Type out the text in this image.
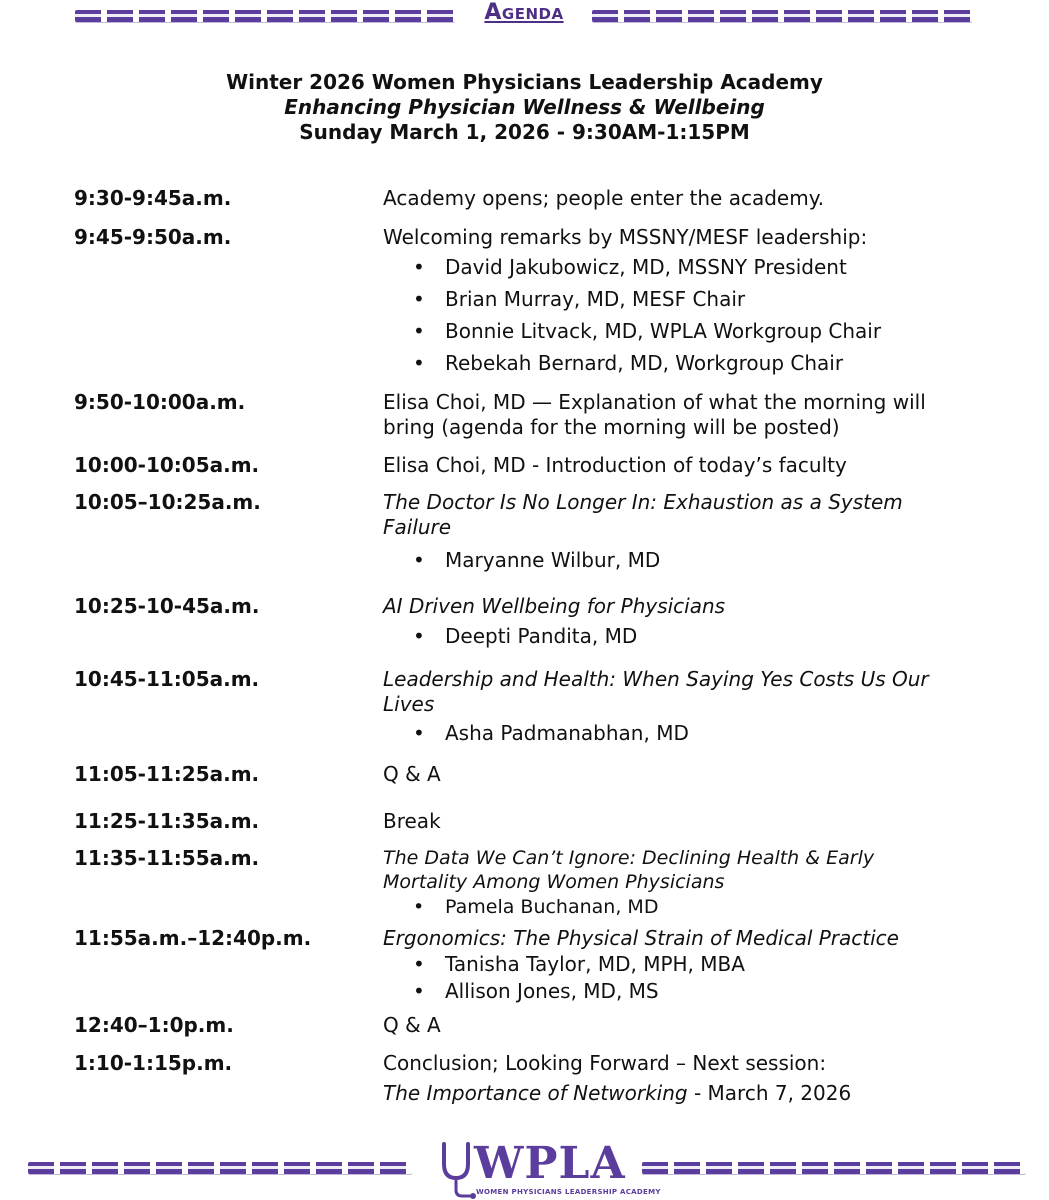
Agenda
Winter 2026 Women Physicians Leadership Academy
Enhancing Physician Wellness & Wellbeing
Sunday March 1, 2026 - 9:30AM-1:15PM
9:30-9:45a.m.	Academy opens; people enter the academy.
9:45-9:50a.m.	Welcoming remarks by MSSNY/MESF leadership:
• David Jakubowicz, MD, MSSNY President
• Brian Murray, MD, MESF Chair
• Bonnie Litvack, MD, WPLA Workgroup Chair
• Rebekah Bernard, MD, Workgroup Chair
9:50-10:00a.m.	Elisa Choi, MD — Explanation of what the morning will bring (agenda for the morning will be posted)
10:00-10:05a.m.	Elisa Choi, MD - Introduction of today’s faculty
10:05–10:25a.m.	The Doctor Is No Longer In: Exhaustion as a System Failure
• Maryanne Wilbur, MD
10:25-10-45a.m.	AI Driven Wellbeing for Physicians
• Deepti Pandita, MD
10:45-11:05a.m.	Leadership and Health: When Saying Yes Costs Us Our Lives
• Asha Padmanabhan, MD
11:05-11:25a.m.	Q & A
11:25-11:35a.m.	Break
11:35-11:55a.m.	The Data We Can’t Ignore: Declining Health & Early Mortality Among Women Physicians
• Pamela Buchanan, MD
11:55a.m.–12:40p.m.	Ergonomics: The Physical Strain of Medical Practice
• Tanisha Taylor, MD, MPH, MBA
• Allison Jones, MD, MS
12:40–1:0p.m.	Q & A
1:10-1:15p.m.	Conclusion; Looking Forward – Next session:
The Importance of Networking - March 7, 2026
WPLA
WOMEN PHYSICIANS LEADERSHIP ACADEMY
